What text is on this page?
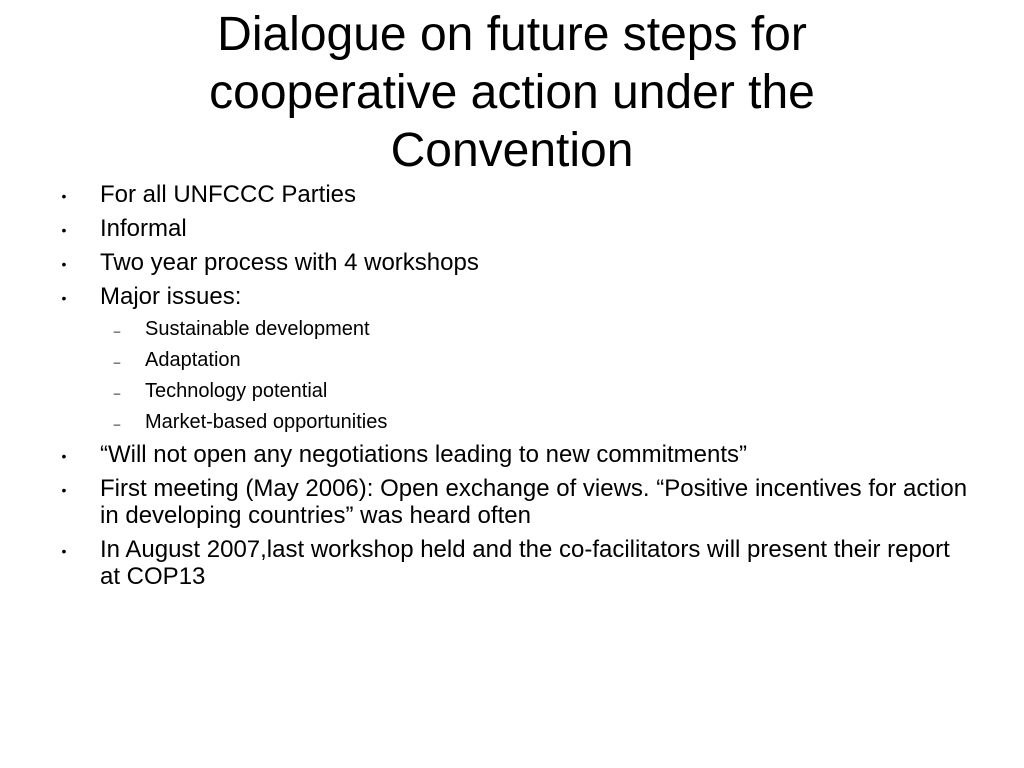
Dialogue on future steps for
cooperative action under the
Convention
• For all UNFCCC Parties
• Informal
• Two year process with 4 workshops
• Major issues:
– Sustainable development
– Adaptation
– Technology potential
– Market-based opportunities
• “Will not open any negotiations leading to new commitments”
• First meeting (May 2006): Open exchange of views. “Positive incentives for action in developing countries” was heard often
• In August 2007,last workshop held and the co-facilitators will present their report at COP13
